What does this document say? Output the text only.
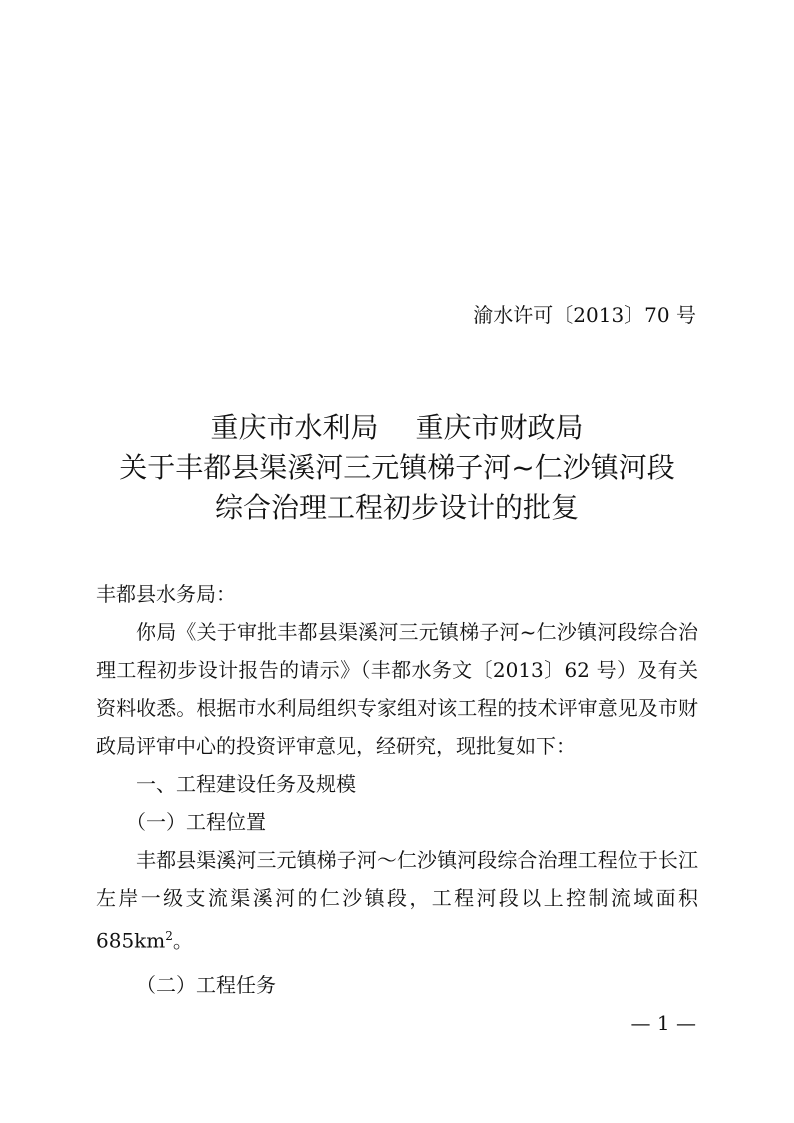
渝水许可〔2013〕70 号
重庆市水利局　 重庆市财政局
关于丰都县渠溪河三元镇梯子河~仁沙镇河段
综合治理工程初步设计的批复

丰都县水务局：

你局《关于审批丰都县渠溪河三元镇梯子河~仁沙镇河段综合治理工程初步设计报告的请示》（丰都水务文〔2013〕62 号）及有关资料收悉。根据市水利局组织专家组对该工程的技术评审意见及市财政局评审中心的投资评审意见，经研究，现批复如下：

一、工程建设任务及规模

（一）工程位置

丰都县渠溪河三元镇梯子河～仁沙镇河段综合治理工程位于长江左岸一级支流渠溪河的仁沙镇段，工程河段以上控制流域面积 $685km^2$。

（二）工程任务

— 1 —
